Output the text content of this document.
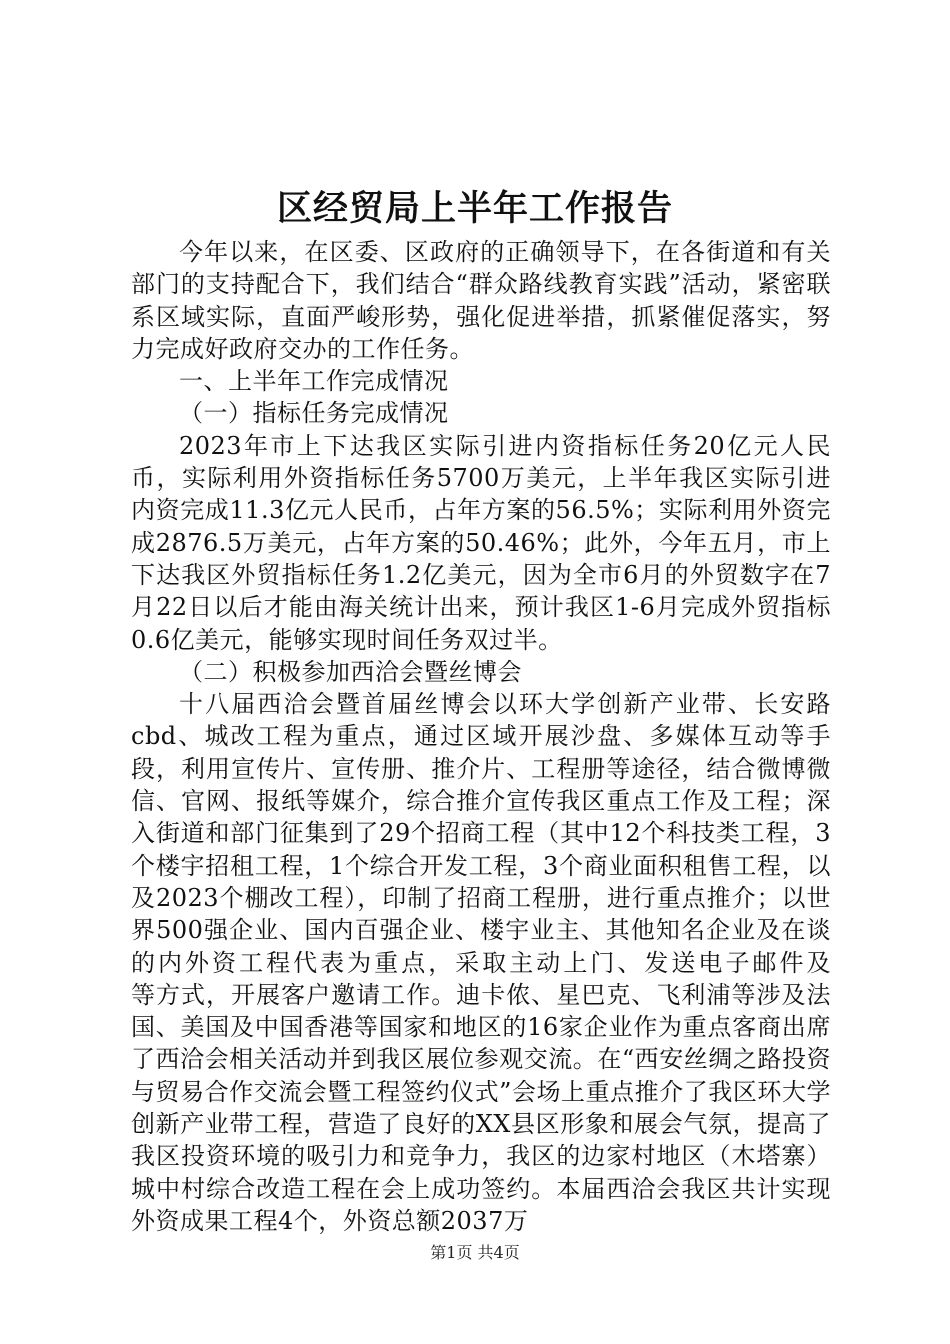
区经贸局上半年工作报告

今年以来，在区委、区政府的正确领导下，在各街道和有关部门的支持配合下，我们结合“群众路线教育实践”活动，紧密联系区域实际，直面严峻形势，强化促进举措，抓紧催促落实，努力完成好政府交办的工作任务。

一、上半年工作完成情况

（一）指标任务完成情况

2023年市上下达我区实际引进内资指标任务20亿元人民币，实际利用外资指标任务5700万美元，上半年我区实际引进内资完成11.3亿元人民币，占年方案的56.5%；实际利用外资完成2876.5万美元，占年方案的50.46%；此外，今年五月，市上下达我区外贸指标任务1.2亿美元，因为全市6月的外贸数字在7月22日以后才能由海关统计出来，预计我区1-6月完成外贸指标0.6亿美元，能够实现时间任务双过半。

（二）积极参加西洽会暨丝博会

十八届西洽会暨首届丝博会以环大学创新产业带、长安路cbd、城改工程为重点，通过区域开展沙盘、多媒体互动等手段，利用宣传片、宣传册、推介片、工程册等途径，结合微博微信、官网、报纸等媒介，综合推介宣传我区重点工作及工程；深入街道和部门征集到了29个招商工程（其中12个科技类工程，3个楼宇招租工程，1个综合开发工程，3个商业面积租售工程，以及2023个棚改工程），印制了招商工程册，进行重点推介；以世界500强企业、国内百强企业、楼宇业主、其他知名企业及在谈的内外资工程代表为重点，采取主动上门、发送电子邮件及　　等方式，开展客户邀请工作。迪卡侬、星巴克、飞利浦等涉及法国、美国及中国香港等国家和地区的16家企业作为重点客商出席了西洽会相关活动并到我区展位参观交流。在“西安丝绸之路投资与贸易合作交流会暨工程签约仪式”会场上重点推介了我区环大学创新产业带工程，营造了良好的XX县区形象和展会气氛，提高了我区投资环境的吸引力和竞争力，我区的边家村地区（木塔寨）城中村综合改造工程在会上成功签约。本届西洽会我区共计实现外资成果工程4个，外资总额2037万

第1页 共4页
